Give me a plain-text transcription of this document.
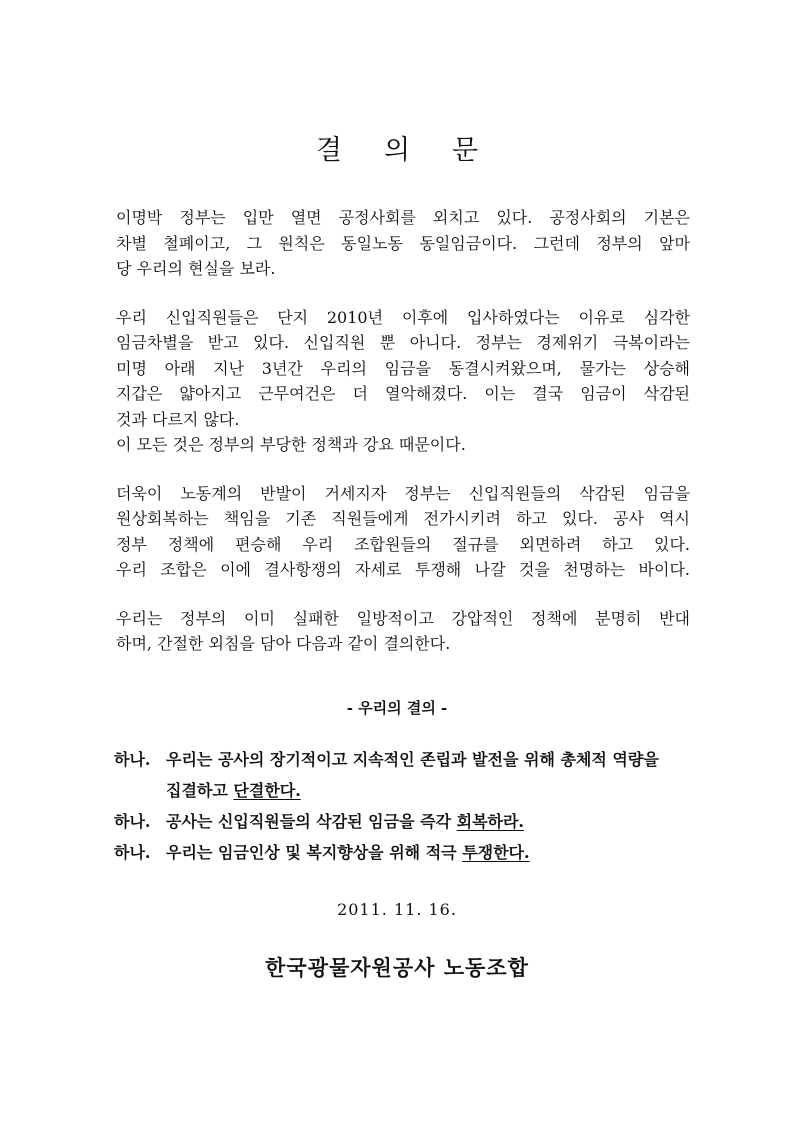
결 의 문
이명박 정부는 입만 열면 공정사회를 외치고 있다. 공정사회의 기본은
차별 철폐이고, 그 원칙은 동일노동 동일임금이다. 그런데 정부의 앞마
당 우리의 현실을 보라.
우리 신입직원들은 단지 2010년 이후에 입사하였다는 이유로 심각한
임금차별을 받고 있다. 신입직원 뿐 아니다. 정부는 경제위기 극복이라는
미명 아래 지난 3년간 우리의 임금을 동결시켜왔으며, 물가는 상승해
지갑은 얇아지고 근무여건은 더 열악해졌다. 이는 결국 임금이 삭감된
것과 다르지 않다.
이 모든 것은 정부의 부당한 정책과 강요 때문이다.
더욱이 노동계의 반발이 거세지자 정부는 신입직원들의 삭감된 임금을
원상회복하는 책임을 기존 직원들에게 전가시키려 하고 있다. 공사 역시
정부 정책에 편승해 우리 조합원들의 절규를 외면하려 하고 있다.
우리 조합은 이에 결사항쟁의 자세로 투쟁해 나갈 것을 천명하는 바이다.
우리는 정부의 이미 실패한 일방적이고 강압적인 정책에 분명히 반대
하며, 간절한 외침을 담아 다음과 같이 결의한다.
- 우리의 결의 -
하나. 우리는 공사의 장기적이고 지속적인 존립과 발전을 위해 총체적 역량을
집결하고 단결한다.
하나. 공사는 신입직원들의 삭감된 임금을 즉각 회복하라.
하나. 우리는 임금인상 및 복지향상을 위해 적극 투쟁한다.
2011. 11. 16.
한국광물자원공사 노동조합
